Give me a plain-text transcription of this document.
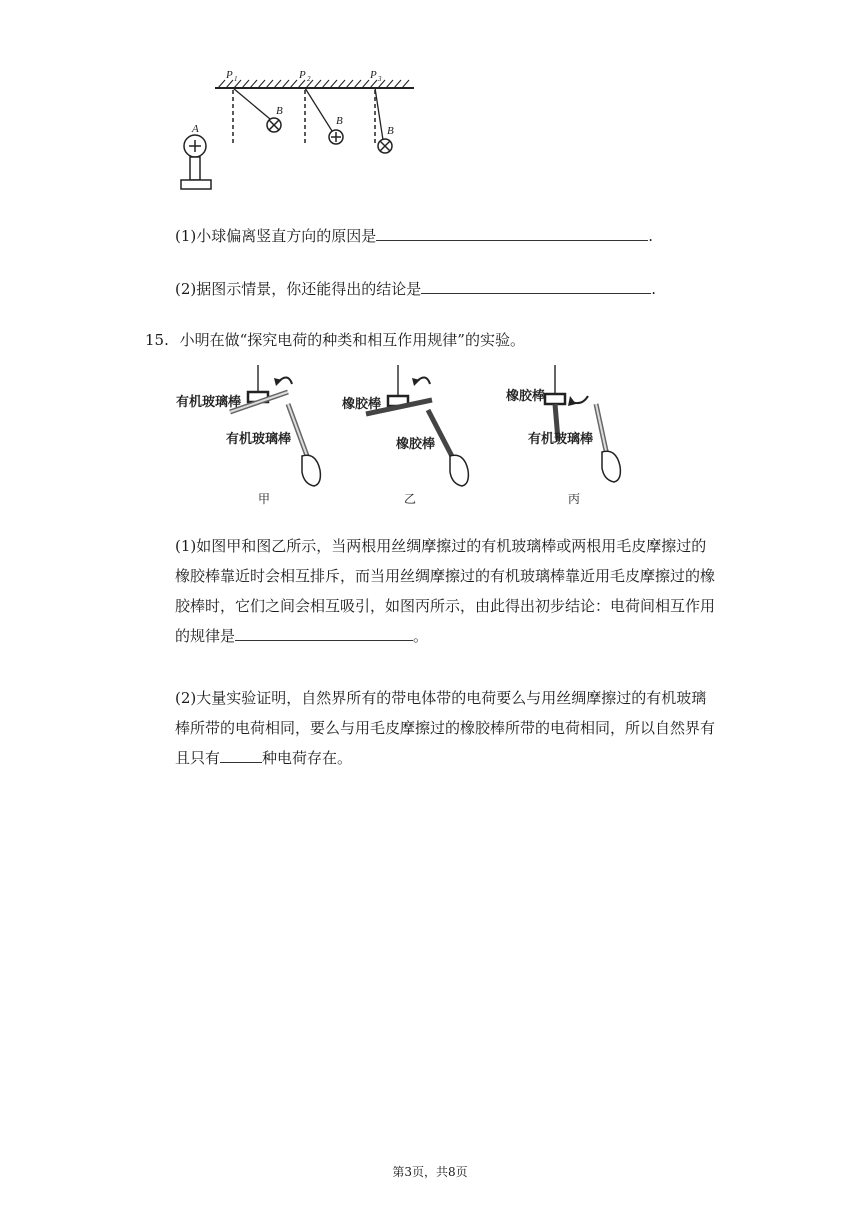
P 1	P 2	P 3
B
B
B
A
(1)小球偏离竖直方向的原因是	.
(2)据图示情景，你还能得出的结论是	.
15. 小明在做“探究电荷的种类和相互作用规律”的实验。
有机玻璃棒
有机玻璃棒
甲
橡胶棒
橡胶棒
乙
橡胶棒
有机玻璃棒
丙
(1)如图甲和图乙所示，当两根用丝绸摩擦过的有机玻璃棒或两根用毛皮摩擦过的
橡胶棒靠近时会相互排斥，而当用丝绸摩擦过的有机玻璃棒靠近用毛皮摩擦过的橡
胶棒时，它们之间会相互吸引，如图丙所示，由此得出初步结论：电荷间相互作用
的规律是	。
(2)大量实验证明，自然界所有的带电体带的电荷要么与用丝绸摩擦过的有机玻璃
棒所带的电荷相同，要么与用毛皮摩擦过的橡胶棒所带的电荷相同，所以自然界有
且只有	种电荷存在。
第3页，共8页
